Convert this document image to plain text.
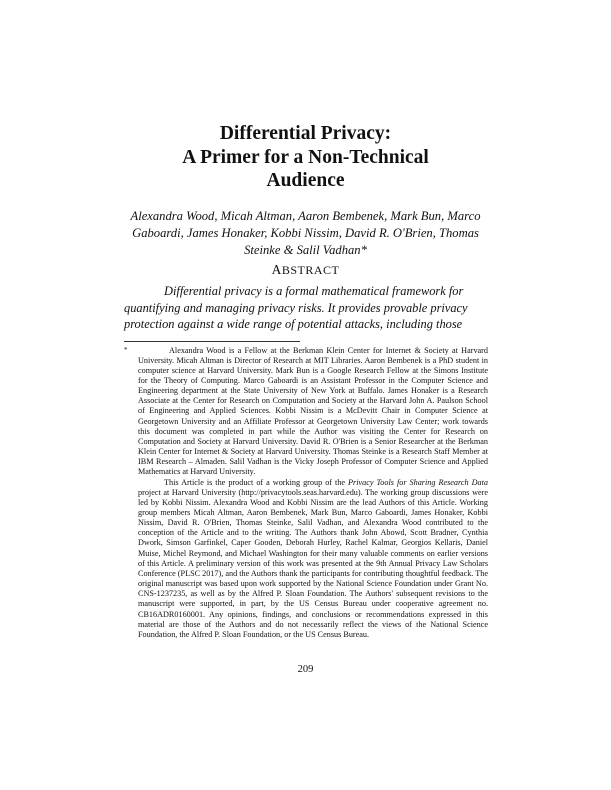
Differential Privacy:
A Primer for a Non-Technical
Audience
Alexandra Wood, Micah Altman, Aaron Bembenek, Mark Bun, Marco Gaboardi, James Honaker, Kobbi Nissim, David R. O'Brien, Thomas Steinke & Salil Vadhan*
ABSTRACT
Differential privacy is a formal mathematical framework for
quantifying and managing privacy risks. It provides provable privacy
protection against a wide range of potential attacks, including those
*	Alexandra Wood is a Fellow at the Berkman Klein Center for Internet & Society at Harvard University. Micah Altman is Director of Research at MIT Libraries. Aaron Bembenek is a PhD student in computer science at Harvard University. Mark Bun is a Google Research Fellow at the Simons Institute for the Theory of Computing. Marco Gaboardi is an Assistant Professor in the Computer Science and Engineering department at the State University of New York at Buffalo. James Honaker is a Research Associate at the Center for Research on Computation and Society at the Harvard John A. Paulson School of Engineering and Applied Sciences. Kobbi Nissim is a McDevitt Chair in Computer Science at Georgetown University and an Affiliate Professor at Georgetown University Law Center; work towards this document was completed in part while the Author was visiting the Center for Research on Computation and Society at Harvard University. David R. O'Brien is a Senior Researcher at the Berkman Klein Center for Internet & Society at Harvard University. Thomas Steinke is a Research Staff Member at IBM Research – Almaden. Salil Vadhan is the Vicky Joseph Professor of Computer Science and Applied Mathematics at Harvard University.

This Article is the product of a working group of the Privacy Tools for Sharing Research Data project at Harvard University (http://privacytools.seas.harvard.edu). The working group discussions were led by Kobbi Nissim. Alexandra Wood and Kobbi Nissim are the lead Authors of this Article. Working group members Micah Altman, Aaron Bembenek, Mark Bun, Marco Gaboardi, James Honaker, Kobbi Nissim, David R. O'Brien, Thomas Steinke, Salil Vadhan, and Alexandra Wood contributed to the conception of the Article and to the writing. The Authors thank John Abowd, Scott Bradner, Cynthia Dwork, Simson Garfinkel, Caper Gooden, Deborah Hurley, Rachel Kalmar, Georgios Kellaris, Daniel Muise, Michel Reymond, and Michael Washington for their many valuable comments on earlier versions of this Article. A preliminary version of this work was presented at the 9th Annual Privacy Law Scholars Conference (PLSC 2017), and the Authors thank the participants for contributing thoughtful feedback. The original manuscript was based upon work supported by the National Science Foundation under Grant No. CNS-1237235, as well as by the Alfred P. Sloan Foundation. The Authors' subsequent revisions to the manuscript were supported, in part, by the US Census Bureau under cooperative agreement no. CB16ADR0160001. Any opinions, findings, and conclusions or recommendations expressed in this material are those of the Authors and do not necessarily reflect the views of the National Science Foundation, the Alfred P. Sloan Foundation, or the US Census Bureau.

209
